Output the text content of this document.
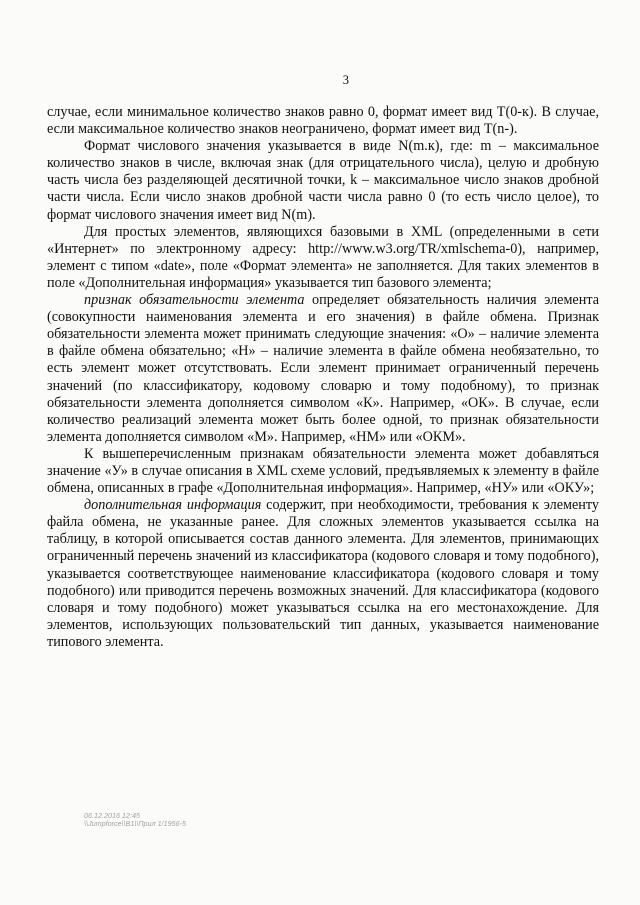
3

случае, если минимальное количество знаков равно 0, формат имеет вид T(0-к). В случае, если максимальное количество знаков неограничено, формат имеет вид T(n-).

Формат числового значения указывается в виде N(m.к), где: m – максимальное количество знаков в числе, включая знак (для отрицательного числа), целую и дробную часть числа без разделяющей десятичной точки, k – максимальное число знаков дробной части числа. Если число знаков дробной части числа равно 0 (то есть число целое), то формат числового значения имеет вид N(m).

Для простых элементов, являющихся базовыми в XML (определенными в сети «Интернет» по электронному адресу: http://www.w3.org/TR/xmlschema-0), например, элемент с типом «date», поле «Формат элемента» не заполняется. Для таких элементов в поле «Дополнительная информация» указывается тип базового элемента;

признак обязательности элемента определяет обязательность наличия элемента (совокупности наименования элемента и его значения) в файле обмена. Признак обязательности элемента может принимать следующие значения: «О» – наличие элемента в файле обмена обязательно; «Н» – наличие элемента в файле обмена необязательно, то есть элемент может отсутствовать. Если элемент принимает ограниченный перечень значений (по классификатору, кодовому словарю и тому подобному), то признак обязательности элемента дополняется символом «К». Например, «ОК». В случае, если количество реализаций элемента может быть более одной, то признак обязательности элемента дополняется символом «М». Например, «НМ» или «ОКМ».

К вышеперечисленным признакам обязательности элемента может добавляться значение «У» в случае описания в XML схеме условий, предъявляемых к элементу в файле обмена, описанных в графе «Дополнительная информация». Например, «НУ» или «ОКУ»;

дополнительная информация содержит, при необходимости, требования к элементу файла обмена, не указанные ранее. Для сложных элементов указывается ссылка на таблицу, в которой описывается состав данного элемента. Для элементов, принимающих ограниченный перечень значений из классификатора (кодового словаря и тому подобного), указывается соответствующее наименование классификатора (кодового словаря и тому подобного) или приводится перечень возможных значений. Для классификатора (кодового словаря и тому подобного) может указываться ссылка на его местонахождение. Для элементов, использующих пользовательский тип данных, указывается наименование типового элемента.

06.12.2016 12:45
\\Jumpforce\\В1\\Прил 1/1956-5
